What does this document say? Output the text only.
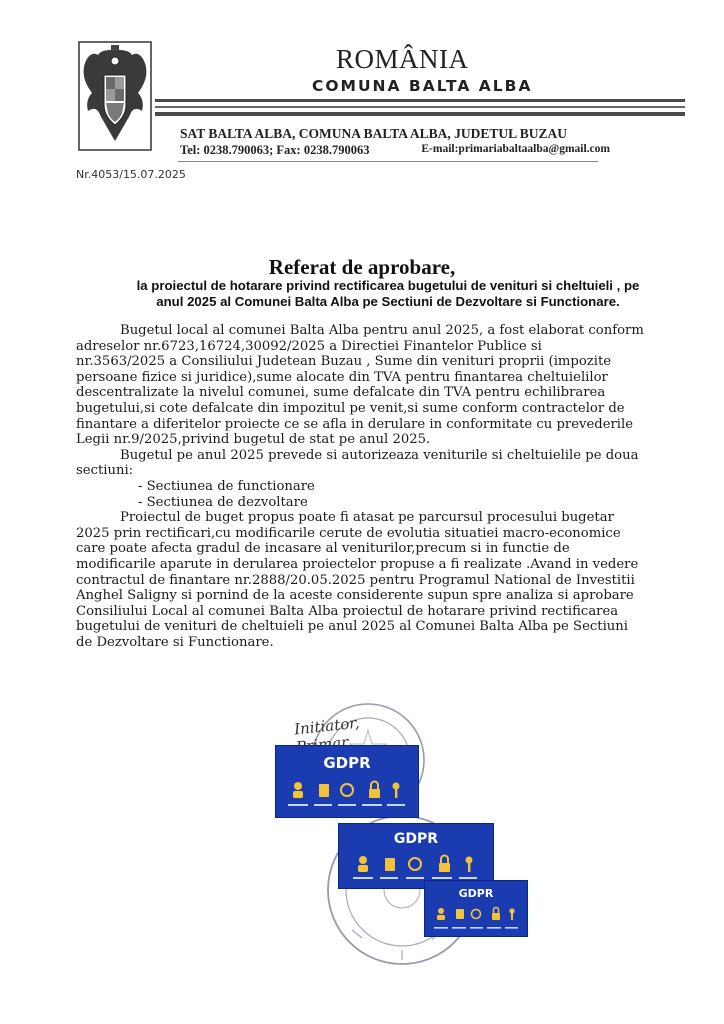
ROMÂNIA
COMUNA BALTA ALBA
SAT BALTA ALBA, COMUNA BALTA ALBA, JUDETUL BUZAU
Tel: 0238.790063; Fax: 0238.790063	E-mail:primariabaltaalba@gmail.com
Nr.4053/15.07.2025
Referat de aprobare,
la proiectul de hotarare privind rectificarea bugetului de venituri si cheltuieli , pe
anul 2025 al Comunei Balta Alba pe Sectiuni de Dezvoltare si Functionare.

Bugetul local al comunei Balta Alba pentru anul 2025, a fost elaborat conform

adreselor nr.6723,16724,30092/2025 a Directiei Finantelor Publice si

nr.3563/2025 a Consiliului Judetean Buzau , Sume din venituri proprii (impozite

persoane fizice si juridice),sume alocate din TVA pentru finantarea cheltuielilor

descentralizate la nivelul comunei, sume defalcate din TVA pentru echilibrarea

bugetului,si cote defalcate din impozitul pe venit,si sume conform contractelor de

finantare a diferitelor proiecte ce se afla in derulare in conformitate cu prevederile

Legii nr.9/2025,privind bugetul de stat pe anul 2025.

Bugetul pe anul 2025 prevede si autorizeaza veniturile si cheltuielile pe doua

sectiuni:

- Sectiunea de functionare

- Sectiunea de dezvoltare

Proiectul de buget propus poate fi atasat pe parcursul procesului bugetar

2025 prin rectificari,cu modificarile cerute de evolutia situatiei macro-economice

care poate afecta gradul de incasare al veniturilor,precum si in functie de

modificarile aparute in derularea proiectelor propuse a fi realizate .Avand in vedere

contractul de finantare nr.2888/20.05.2025 pentru Programul National de Investitii

Anghel Saligny si pornind de la aceste considerente supun spre analiza si aprobare

Consiliului Local al comunei Balta Alba proiectul de hotarare privind rectificarea

bugetului de venituri de cheltuieli pe anul 2025 al Comunei Balta Alba pe Sectiuni

de Dezvoltare si Functionare.

Initiator,
GDPR
GDPR
GDPR
